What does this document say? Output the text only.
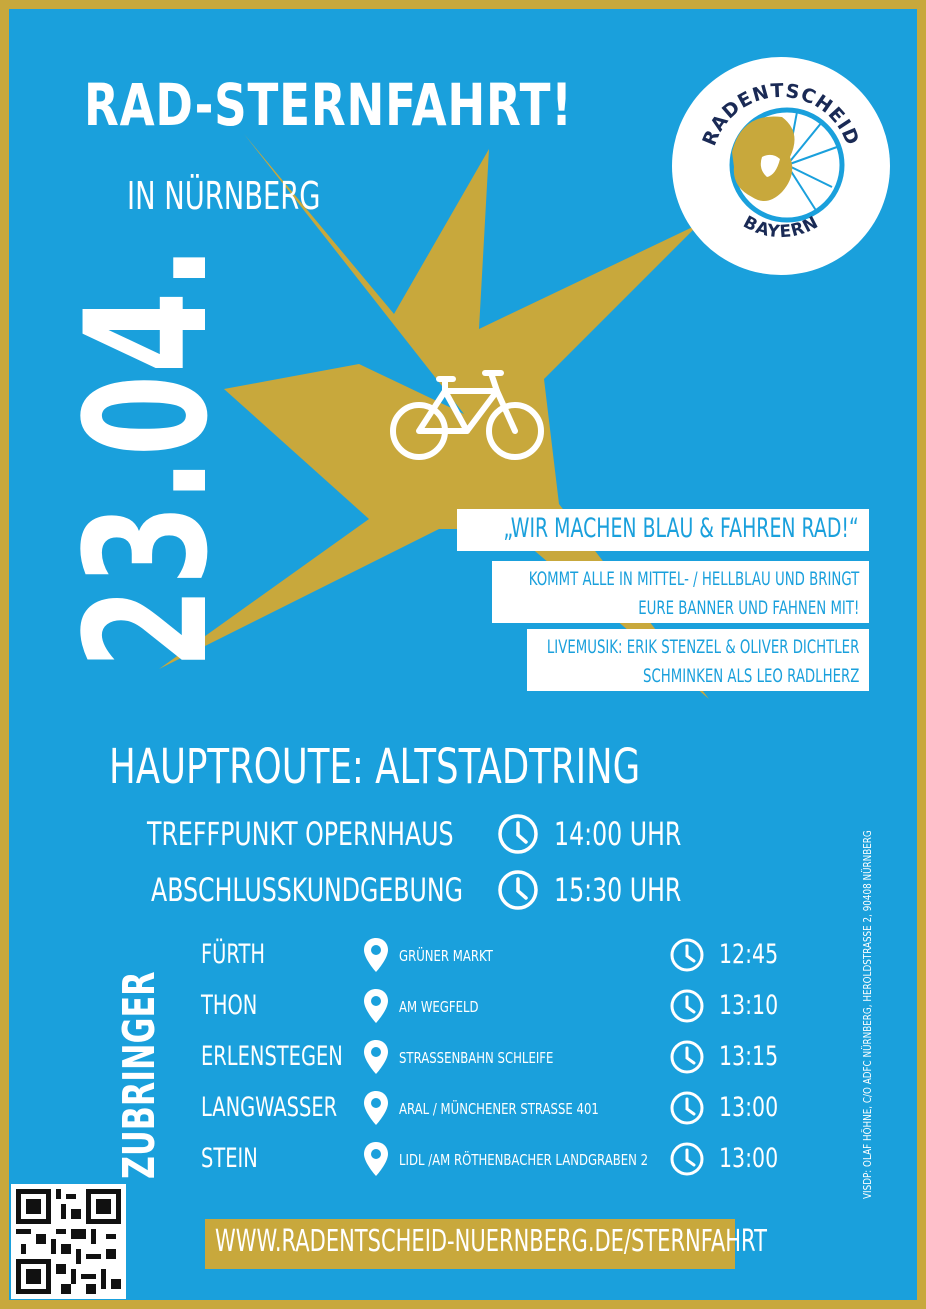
RAD-STERNFAHRT!
IN NÜRNBERG
23.04.
RADENTSCHEID
BAYERN
„WIR MACHEN BLAU & FAHREN RAD!“
KOMMT ALLE IN MITTEL- / HELLBLAU UND BRINGT
EURE BANNER UND FAHNEN MIT!
LIVEMUSIK: ERIK STENZEL & OLIVER DICHTLER
SCHMINKEN ALS LEO RADLHERZ
HAUPTROUTE: ALTSTADTRING
TREFFPUNKT OPERNHAUS	14:00 UHR
ABSCHLUSSKUNDGEBUNG	15:30 UHR
ZUBRINGER
FÜRTH	GRÜNER MARKT	12:45
THON	AM WEGFELD	13:10
ERLENSTEGEN	STRASSENBAHN SCHLEIFE	13:15
LANGWASSER	ARAL / MÜNCHENER STRASSE 401	13:00
STEIN	LIDL /AM RÖTHENBACHER LANDGRABEN 2	13:00
WWW.RADENTSCHEID-NUERNBERG.DE/STERNFAHRT
VISDP: OLAF HÖHNE, C/O ADFC NÜRNBERG, HEROLDSTRASSE 2, 90408 NÜRNBERG
